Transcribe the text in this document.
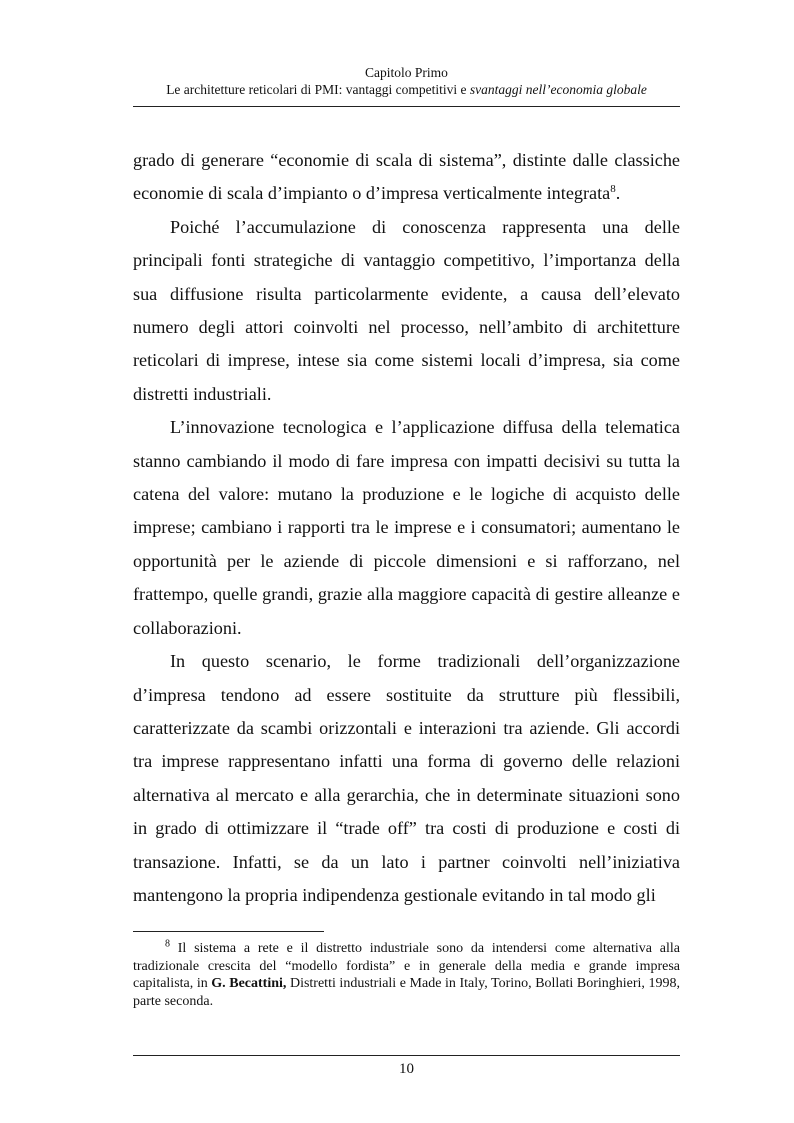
Capitolo Primo
Le architetture reticolari di PMI: vantaggi competitivi e svantaggi nell’economia globale

grado di generare “economie di scala di sistema”, distinte dalle classiche economie di scala d’impianto o d’impresa verticalmente integrata$^8$.

Poiché l’accumulazione di conoscenza rappresenta una delle principali fonti strategiche di vantaggio competitivo, l’importanza della sua diffusione risulta particolarmente evidente, a causa dell’elevato numero degli attori coinvolti nel processo, nell’ambito di architetture reticolari di imprese, intese sia come sistemi locali d’impresa, sia come distretti industriali.

L’innovazione tecnologica e l’applicazione diffusa della telematica stanno cambiando il modo di fare impresa con impatti decisivi su tutta la catena del valore: mutano la produzione e le logiche di acquisto delle imprese; cambiano i rapporti tra le imprese e i consumatori; aumentano le opportunità per le aziende di piccole dimensioni e si rafforzano, nel frattempo, quelle grandi, grazie alla maggiore capacità di gestire alleanze e collaborazioni.

In questo scenario, le forme tradizionali dell’organizzazione d’impresa tendono ad essere sostituite da strutture più flessibili, caratterizzate da scambi orizzontali e interazioni tra aziende. Gli accordi tra imprese rappresentano infatti una forma di governo delle relazioni alternativa al mercato e alla gerarchia, che in determinate situazioni sono in grado di ottimizzare il “trade off” tra costi di produzione e costi di transazione. Infatti, se da un lato i partner coinvolti nell’iniziativa mantengono la propria indipendenza gestionale evitando in tal modo gli

$^8$ Il sistema a rete e il distretto industriale sono da intendersi come alternativa alla tradizionale crescita del “modello fordista” e in generale della media e grande impresa capitalista, in G. Becattini, Distretti industriali e Made in Italy, Torino, Bollati Boringhieri, 1998, parte seconda.

10
